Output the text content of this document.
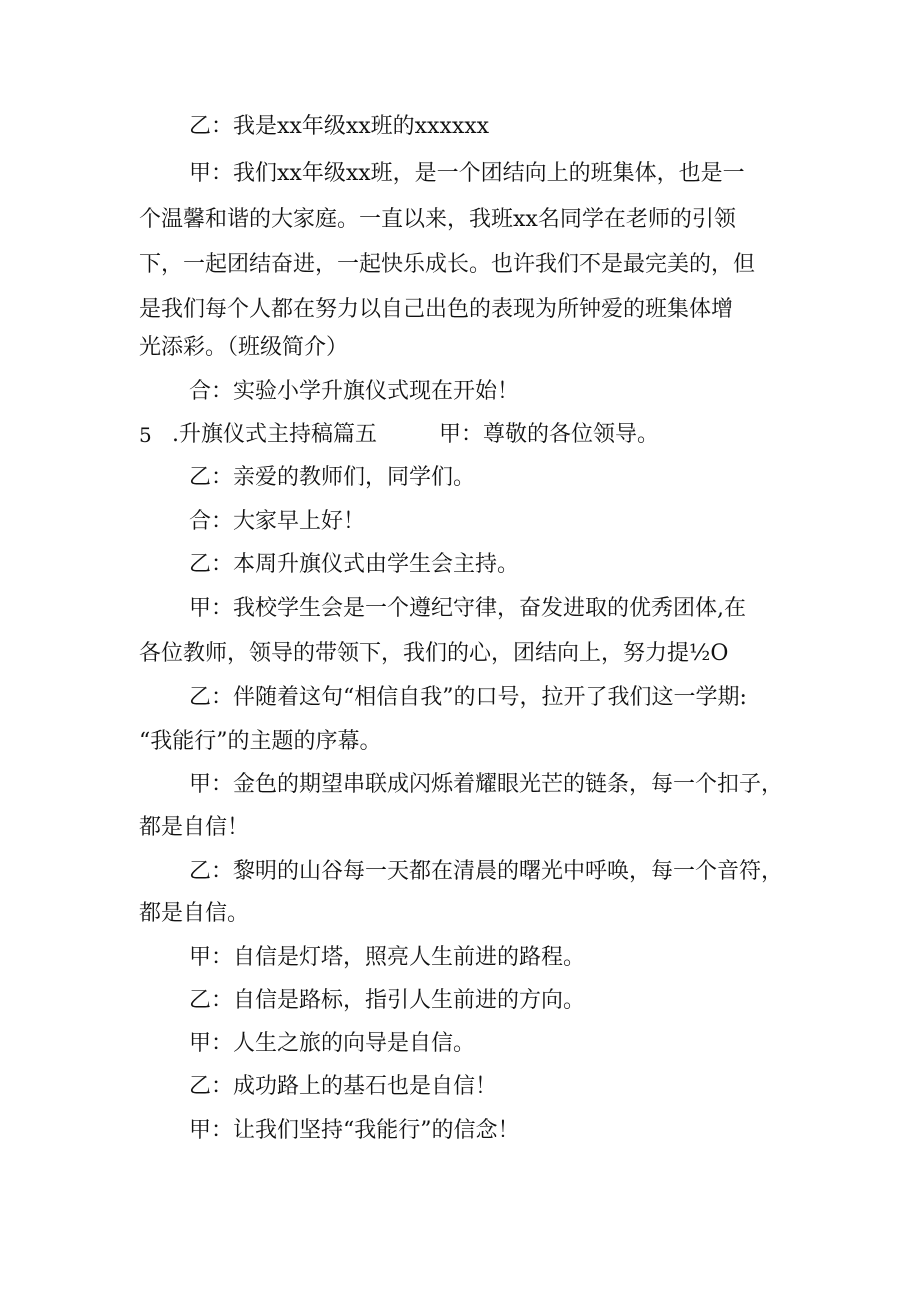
乙：我是xx年级xx班的xxxxxx
甲：我们xx年级xx班，是一个团结向上的班集体，也是一
个温馨和谐的大家庭。一直以来，我班xx名同学在老师的引领
下，一起团结奋进，一起快乐成长。也许我们不是最完美的，但
是我们每个人都在努力以自己出色的表现为所钟爱的班集体增
光添彩。（班级简介）
合：实验小学升旗仪式现在开始！
5 .升旗仪式主持稿篇五	甲：尊敬的各位领导。
乙：亲爱的教师们，同学们。
合：大家早上好！
乙：本周升旗仪式由学生会主持。
甲：我校学生会是一个遵纪守律，奋发进取的优秀团体,在
各位教师，领导的带领下，我们的心，团结向上，努力提½O
乙：伴随着这句“相信自我”的口号，拉开了我们这一学期:
“我能行”的主题的序幕。
甲：金色的期望串联成闪烁着耀眼光芒的链条，每一个扣子，
都是自信！
乙：黎明的山谷每一天都在清晨的曙光中呼唤，每一个音符，
都是自信。
甲：自信是灯塔，照亮人生前进的路程。
乙：自信是路标，指引人生前进的方向。
甲：人生之旅的向导是自信。
乙：成功路上的基石也是自信！
甲：让我们坚持“我能行”的信念！
